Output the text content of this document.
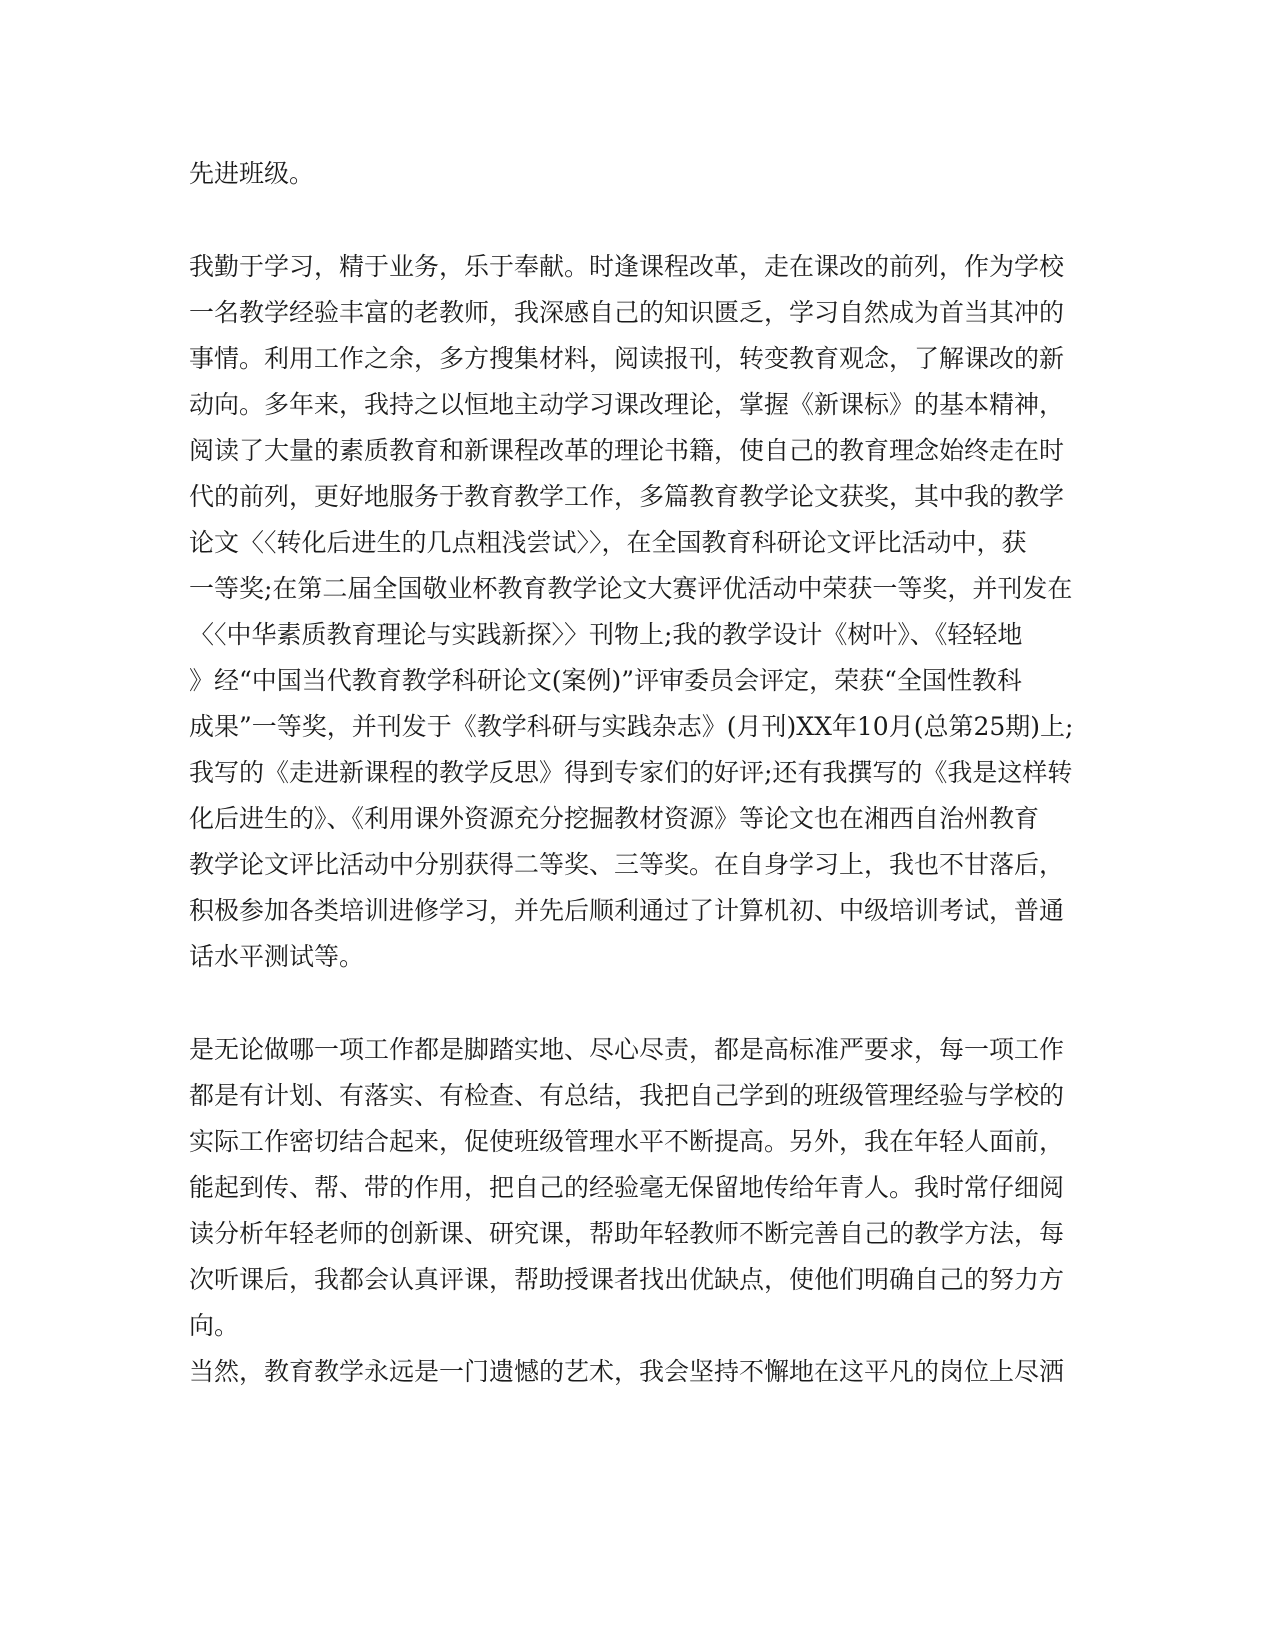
先进班级。
我勤于学习，精于业务，乐于奉献。时逢课程改革，走在课改的前列，作为学校
一名教学经验丰富的老教师，我深感自己的知识匮乏，学习自然成为首当其冲的
事情。利用工作之余，多方搜集材料，阅读报刊，转变教育观念，了解课改的新
动向。多年来，我持之以恒地主动学习课改理论，掌握《新课标》的基本精神，
阅读了大量的素质教育和新课程改革的理论书籍，使自己的教育理念始终走在时
代的前列，更好地服务于教育教学工作，多篇教育教学论文获奖，其中我的教学
论文〈〈转化后进生的几点粗浅尝试〉〉，在全国教育科研论文评比活动中，获
一等奖;在第二届全国敬业杯教育教学论文大赛评优活动中荣获一等奖，并刊发在
〈〈中华素质教育理论与实践新探〉〉刊物上;我的教学设计《树叶》、《轻轻地
》经“中国当代教育教学科研论文(案例)”评审委员会评定，荣获“全国性教科
成果”一等奖，并刊发于《教学科研与实践杂志》(月刊)XX年10月(总第25期)上;
我写的《走进新课程的教学反思》得到专家们的好评;还有我撰写的《我是这样转
化后进生的》、《利用课外资源充分挖掘教材资源》等论文也在湘西自治州教育
教学论文评比活动中分别获得二等奖、三等奖。在自身学习上，我也不甘落后，
积极参加各类培训进修学习，并先后顺利通过了计算机初、中级培训考试，普通
话水平测试等。
是无论做哪一项工作都是脚踏实地、尽心尽责，都是高标准严要求，每一项工作
都是有计划、有落实、有检查、有总结，我把自己学到的班级管理经验与学校的
实际工作密切结合起来，促使班级管理水平不断提高。另外，我在年轻人面前，
能起到传、帮、带的作用，把自己的经验毫无保留地传给年青人。我时常仔细阅
读分析年轻老师的创新课、研究课，帮助年轻教师不断完善自己的教学方法，每
次听课后，我都会认真评课，帮助授课者找出优缺点，使他们明确自己的努力方
向。
当然，教育教学永远是一门遗憾的艺术，我会坚持不懈地在这平凡的岗位上尽洒
